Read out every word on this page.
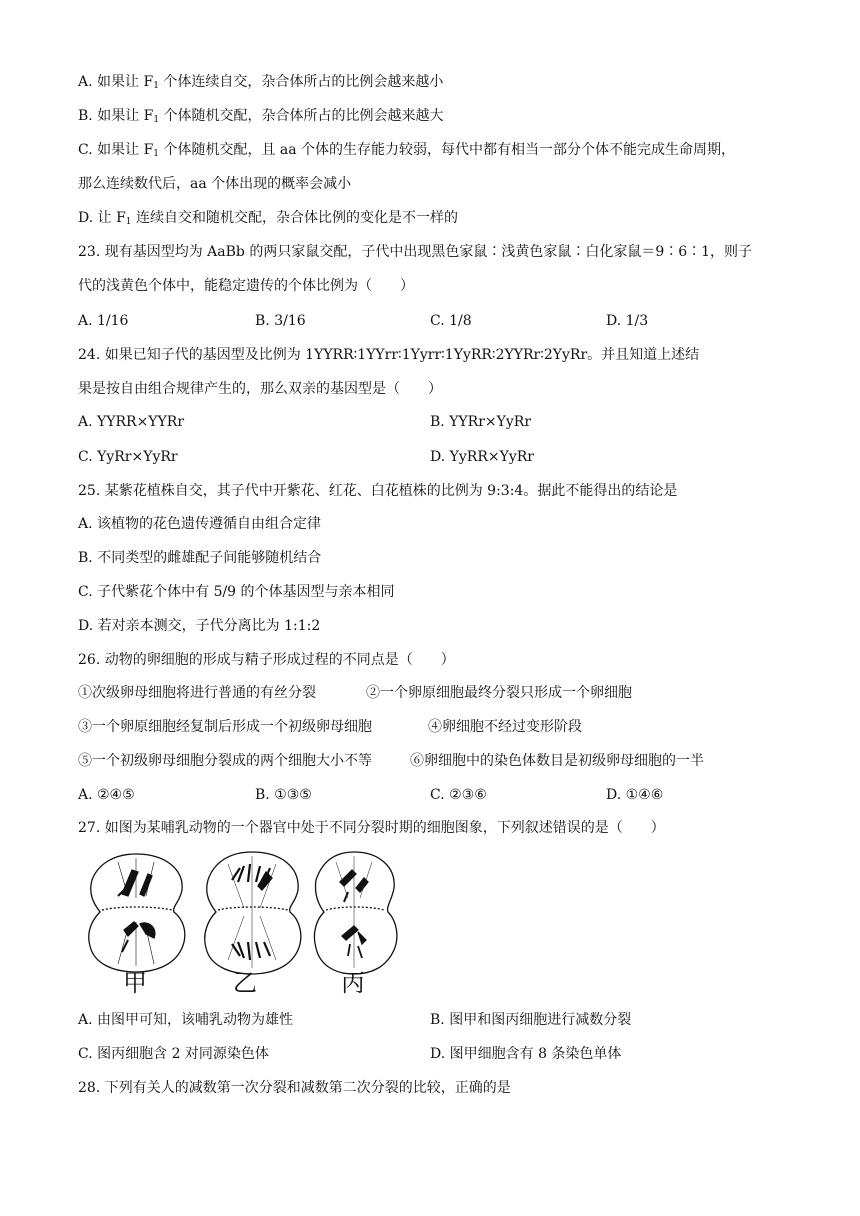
A. 如果让 $F_1$ 个体连续自交，杂合体所占的比例会越来越小
B. 如果让 $F_1$ 个体随机交配，杂合体所占的比例会越来越大
C. 如果让 $F_1$ 个体随机交配，且 aa 个体的生存能力较弱，每代中都有相当一部分个体不能完成生命周期，
那么连续数代后，aa 个体出现的概率会减小
D. 让 $F_1$ 连续自交和随机交配，杂合体比例的变化是不一样的
23. 现有基因型均为 AaBb 的两只家鼠交配，子代中出现黑色家鼠∶浅黄色家鼠∶白化家鼠＝9∶6∶1，则子
代的浅黄色个体中，能稳定遗传的个体比例为（　　）
A. 1/16	B. 3/16	C. 1/8	D. 1/3
24. 如果已知子代的基因型及比例为 1YYRR∶1YYrr∶1Yyrr∶1YyRR∶2YYRr∶2YyRr。并且知道上述结
果是按自由组合规律产生的，那么双亲的基因型是（　　）
A. YYRR×YYRr	B. YYRr×YyRr
C. YyRr×YyRr	D. YyRR×YyRr
25. 某紫花植株自交，其子代中开紫花、红花、白花植株的比例为 9:3:4。据此不能得出的结论是
A. 该植物的花色遗传遵循自由组合定律
B. 不同类型的雌雄配子间能够随机结合
C. 子代紫花个体中有 5/9 的个体基因型与亲本相同
D. 若对亲本测交，子代分离比为 1:1:2
26. 动物的卵细胞的形成与精子形成过程的不同点是（　　）
①次级卵母细胞将进行普通的有丝分裂	②一个卵原细胞最终分裂只形成一个卵细胞
③一个卵原细胞经复制后形成一个初级卵母细胞	④卵细胞不经过变形阶段
⑤一个初级卵母细胞分裂成的两个细胞大小不等	⑥卵细胞中的染色体数目是初级卵母细胞的一半
A. ②④⑤	B. ①③⑤	C. ②③⑥	D. ①④⑥
27. 如图为某哺乳动物的一个器官中处于不同分裂时期的细胞图象，下列叙述错误的是（　　）
甲	乙	丙
A. 由图甲可知，该哺乳动物为雄性	B. 图甲和图丙细胞进行减数分裂
C. 图丙细胞含 2 对同源染色体	D. 图甲细胞含有 8 条染色单体
28. 下列有关人的减数第一次分裂和减数第二次分裂的比较，正确的是
